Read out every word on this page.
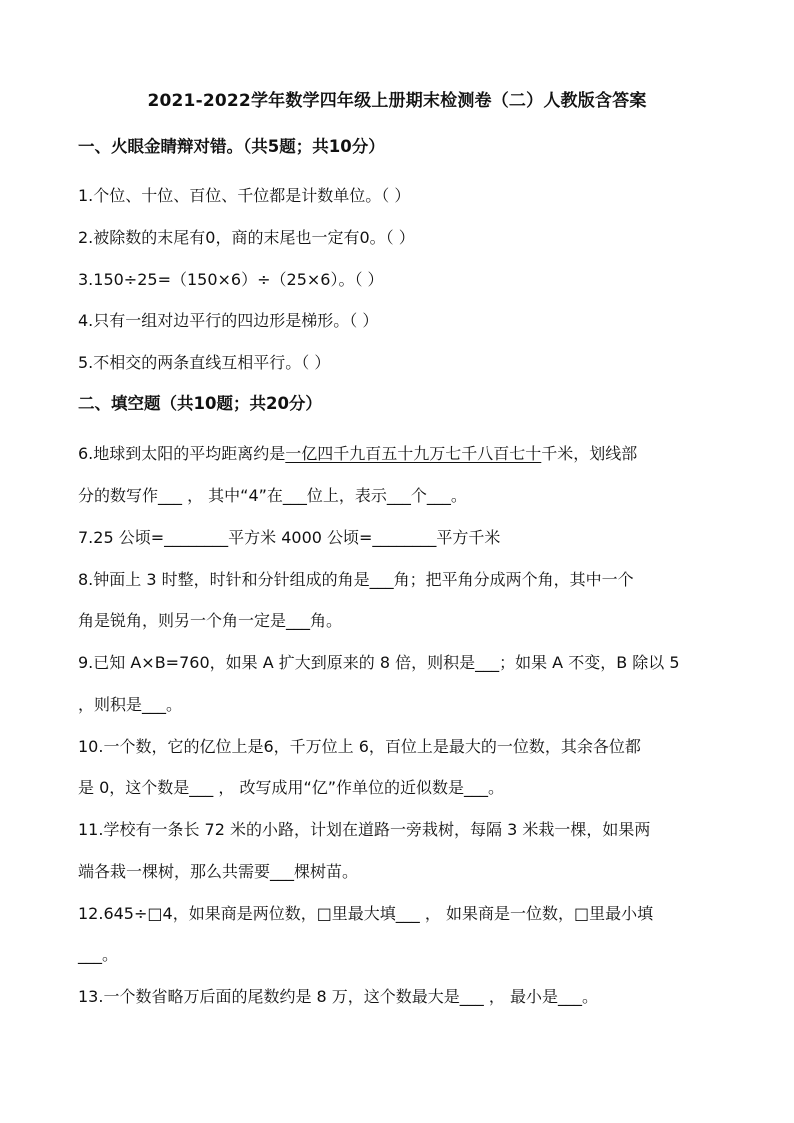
2021-2022学年数学四年级上册期末检测卷（二）人教版含答案
一、火眼金睛辩对错。（共5题；共10分）
1.个位、十位、百位、千位都是计数单位。（ ）
2.被除数的末尾有0，商的末尾也一定有0。（ ）
3.150÷25=（150×6）÷（25×6）。（ ）
4.只有一组对边平行的四边形是梯形。（ ）
5.不相交的两条直线互相平行。（ ）
二、填空题（共10题；共20分）
6.地球到太阳的平均距离约是一亿四千九百五十九万七千八百七十千米，划线部
分的数写作___ ， 其中“4”在___位上，表示___个___。
7.25 公顷=________平方米 4000 公顷=________平方千米
8.钟面上 3 时整，时针和分针组成的角是___角；把平角分成两个角，其中一个
角是锐角，则另一个角一定是___角。
9.已知 A×B=760，如果 A 扩大到原来的 8 倍，则积是___；如果 A 不变，B 除以 5
，则积是___。
10.一个数，它的亿位上是6，千万位上 6，百位上是最大的一位数，其余各位都
是 0，这个数是___ ， 改写成用“亿”作单位的近似数是___。
11.学校有一条长 72 米的小路，计划在道路一旁栽树，每隔 3 米栽一棵，如果两
端各栽一棵树，那么共需要___棵树苗。
12.645÷□4，如果商是两位数，□里最大填___ ， 如果商是一位数，□里最小填
___。
13.一个数省略万后面的尾数约是 8 万，这个数最大是___ ， 最小是___。
